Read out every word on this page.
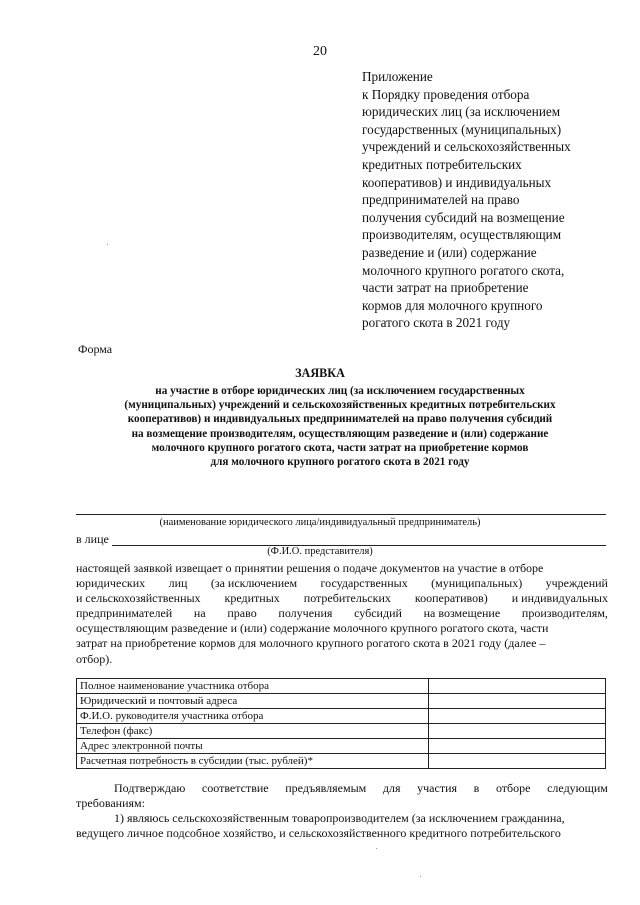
20
Приложение
к Порядку проведения отбора
юридических лиц (за исключением
государственных (муниципальных)
учреждений и сельскохозяйственных
кредитных потребительских
кооперативов) и индивидуальных
предпринимателей на право
получения субсидий на возмещение
производителям, осуществляющим
разведение и (или) содержание
молочного крупного рогатого скота,
части затрат на приобретение
кормов для молочного крупного
рогатого скота в 2021 году
Форма
ЗАЯВКА
на участие в отборе юридических лиц (за исключением государственных
(муниципальных) учреждений и сельскохозяйственных кредитных потребительских
кооперативов) и индивидуальных предпринимателей на право получения субсидий
на возмещение производителям, осуществляющим разведение и (или) содержание
молочного крупного рогатого скота, части затрат на приобретение кормов
для молочного крупного рогатого скота в 2021 году
(наименование юридического лица/индивидуальный предприниматель)
в лице
(Ф.И.О. представителя)
настоящей заявкой извещает о принятии решения о подаче документов на участие в отборе
юридических лиц (за исключением государственных (муниципальных) учреждений
и сельскохозяйственных кредитных потребительских кооперативов) и индивидуальных
предпринимателей на право получения субсидий на возмещение производителям,
осуществляющим разведение и (или) содержание молочного крупного рогатого скота, части
затрат на приобретение кормов для молочного крупного рогатого скота в 2021 году (далее –
отбор).
Полное наименование участника отбора	
Юридический и почтовый адреса	
Ф.И.О. руководителя участника отбора	
Телефон (факс)	
Адрес электронной почты	
Расчетная потребность в субсидии (тыс. рублей)*	
Подтверждаю соответствие предъявляемым для участия в отборе следующим
требованиям:
1) являюсь сельскохозяйственным товаропроизводителем (за исключением гражданина,
ведущего личное подсобное хозяйство, и сельскохозяйственного кредитного потребительского
